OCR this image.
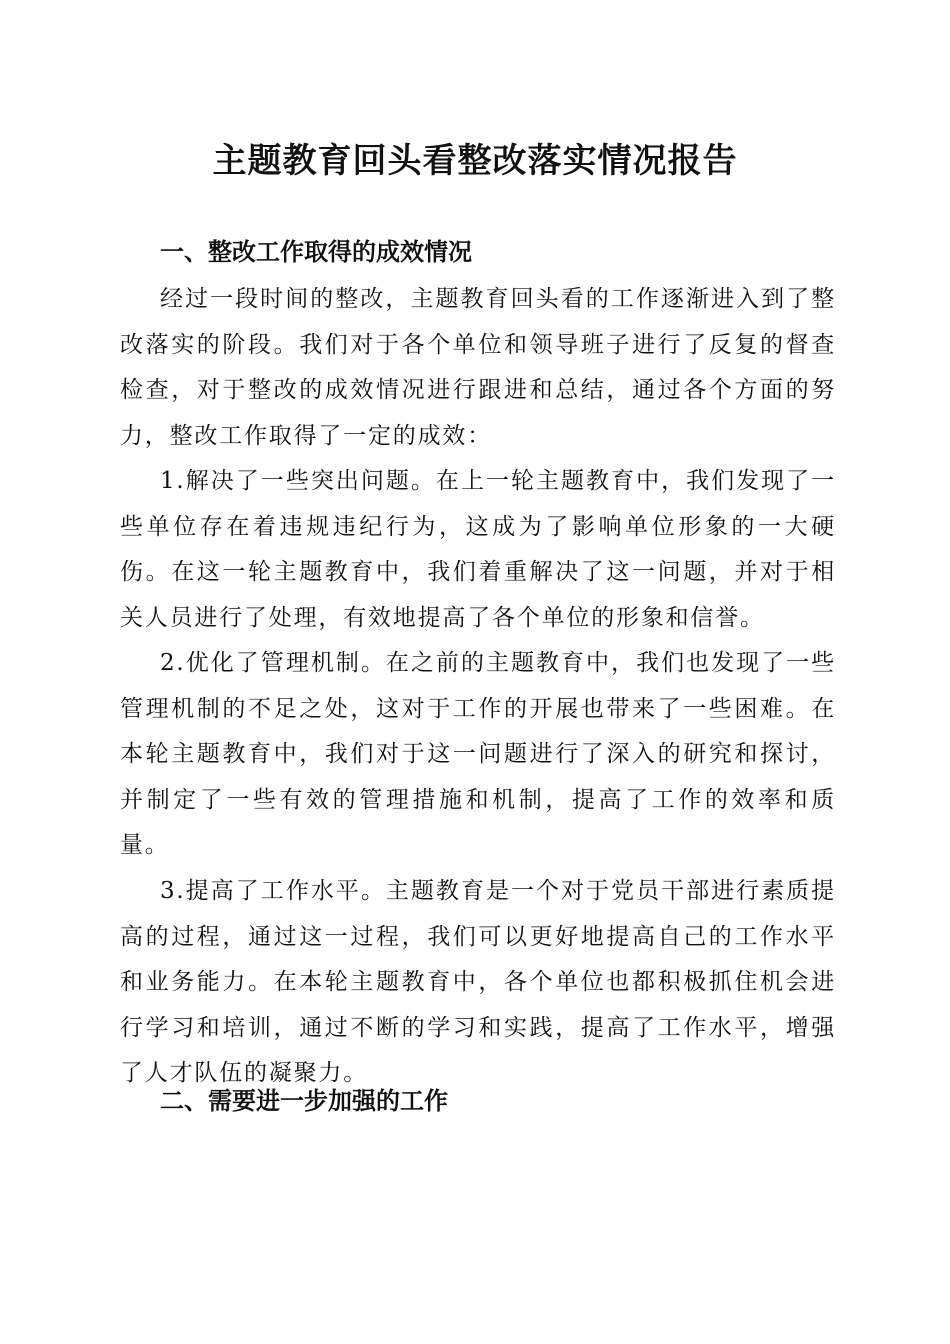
主题教育回头看整改落实情况报告
一、整改工作取得的成效情况

经过一段时间的整改，主题教育回头看的工作逐渐进入到了整改落实的阶段。我们对于各个单位和领导班子进行了反复的督查检查，对于整改的成效情况进行跟进和总结，通过各个方面的努力，整改工作取得了一定的成效：

1.解决了一些突出问题。在上一轮主题教育中，我们发现了一些单位存在着违规违纪行为，这成为了影响单位形象的一大硬伤。在这一轮主题教育中，我们着重解决了这一问题，并对于相关人员进行了处理，有效地提高了各个单位的形象和信誉。

2.优化了管理机制。在之前的主题教育中，我们也发现了一些管理机制的不足之处，这对于工作的开展也带来了一些困难。在本轮主题教育中，我们对于这一问题进行了深入的研究和探讨，并制定了一些有效的管理措施和机制，提高了工作的效率和质量。

3.提高了工作水平。主题教育是一个对于党员干部进行素质提高的过程，通过这一过程，我们可以更好地提高自己的工作水平和业务能力。在本轮主题教育中，各个单位也都积极抓住机会进行学习和培训，通过不断的学习和实践，提高了工作水平，增强了人才队伍的凝聚力。

二、需要进一步加强的工作
